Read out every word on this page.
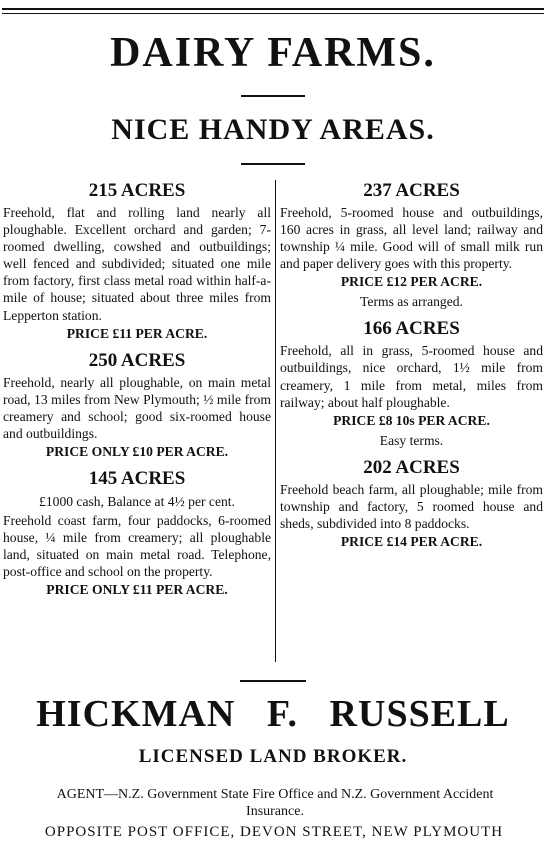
DAIRY FARMS.
NICE HANDY AREAS.

215 ACRES

Freehold, flat and rolling land nearly all ploughable. Excellent orchard and garden; 7-roomed dwelling, cowshed and outbuildings; well fenced and subdivided; situated one mile from factory, first class metal road within half-a-mile of house; situated about three miles from Lepperton station.

PRICE £11 PER ACRE.

250 ACRES

Freehold, nearly all ploughable, on main metal road, 13 miles from New Plymouth; ½ mile from creamery and school; good six-roomed house and outbuildings.

PRICE ONLY £10 PER ACRE.

145 ACRES

£1000 cash, Balance at 4½ per cent.

Freehold coast farm, four paddocks, 6-roomed house, ¼ mile from creamery; all ploughable land, situated on main metal road. Telephone, post-office and school on the property.

PRICE ONLY £11 PER ACRE.

237 ACRES

Freehold, 5-roomed house and outbuildings, 160 acres in grass, all level land; railway and township ¼ mile. Good will of small milk run and paper delivery goes with this property.

PRICE £12 PER ACRE.

Terms as arranged.

166 ACRES

Freehold, all in grass, 5-roomed house and outbuildings, nice orchard, 1½ mile from creamery, 1 mile from metal, miles from railway; about half ploughable.

PRICE £8 10s PER ACRE.

Easy terms.

202 ACRES

Freehold beach farm, all ploughable; mile from township and factory, 5 roomed house and sheds, subdivided into 8 paddocks.

PRICE £14 PER ACRE.

HICKMAN   F.   RUSSELL
LICENSED LAND BROKER.
AGENT—N.Z. Government State Fire Office and N.Z. Government Accident Insurance.
OPPOSITE POST OFFICE, DEVON STREET, NEW PLYMOUTH
